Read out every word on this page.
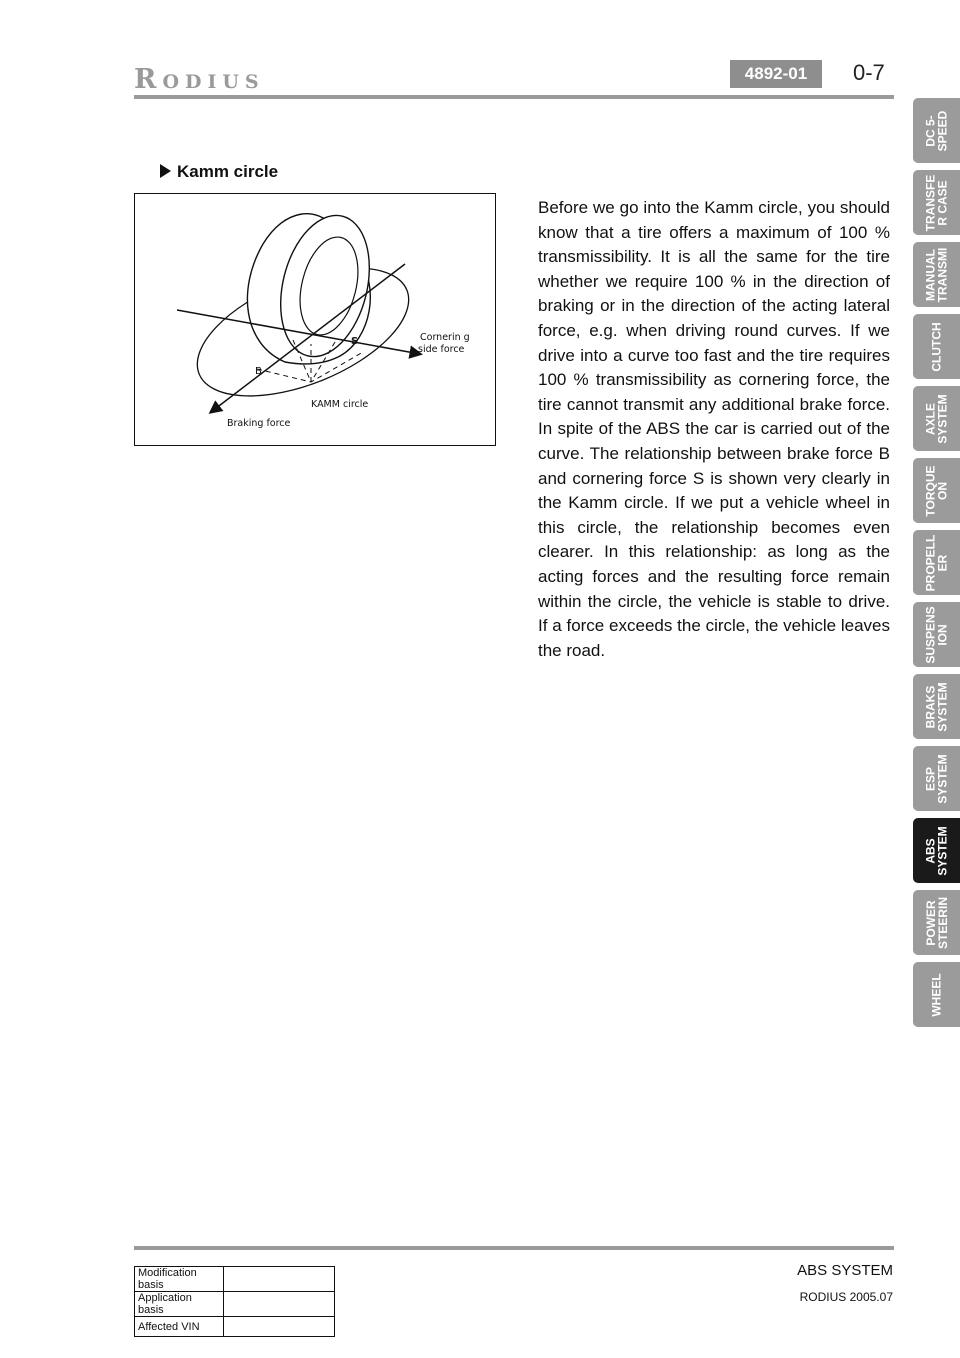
Rodius	4892-01	0-7
Kamm circle
Cornerin g
side force
S
B
KAMM circle
Braking force

Before we go into the Kamm circle, you should know that a tire offers a maximum of 100 % transmissibility. It is all the same for the tire whether we require 100 % in the direction of braking or in the direction of the acting lateral force, e.g. when driving round curves. If we drive into a curve too fast and the tire requires 100 % transmissibility as cornering force, the tire cannot transmit any additional brake force. In spite of the ABS the car is carried out of the curve. The relationship between brake force B and cornering force S is shown very clearly in the Kamm circle. If we put a vehicle wheel in this circle, the relationship becomes even clearer. In this relationship: as long as the acting forces and the resulting force remain within the circle, the vehicle is stable to drive. If a force exceeds the circle, the vehicle leaves the road.

DC 5-
SPEED
TRANSFE
R CASE
MANUAL
TRANSMI
CLUTCH
AXLE
SYSTEM
TORQUE
ON
PROPELL
ER
SUSPENS
ION
BRAKS
SYSTEM
ESP
SYSTEM
ABS
SYSTEM
POWER
STEERIN
WHEEL
Modification basis	
Application basis	
Affected VIN	
ABS SYSTEM
RODIUS 2005.07
